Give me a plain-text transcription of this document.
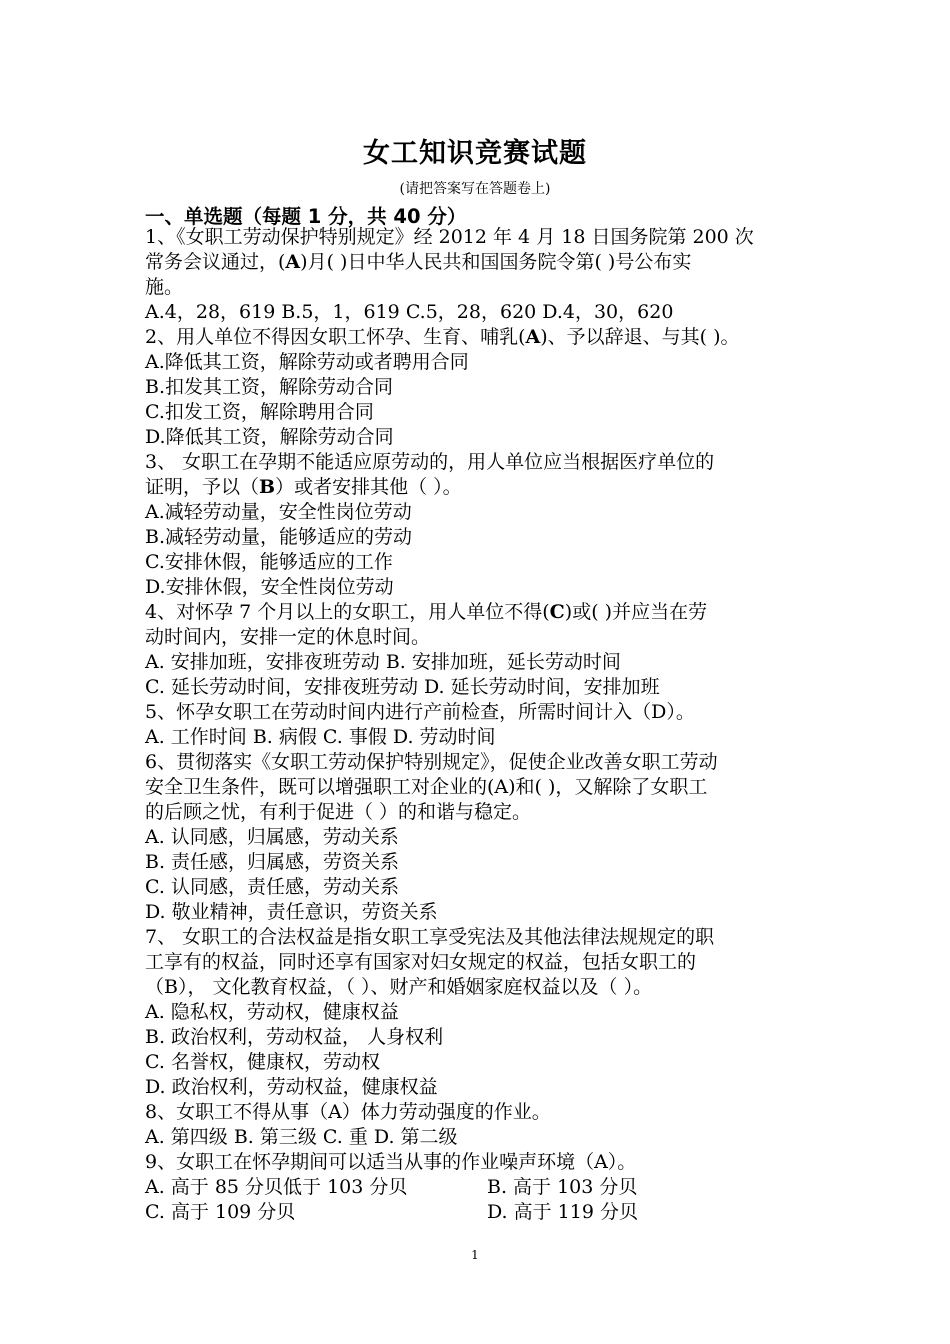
女工知识竞赛试题
(请把答案写在答题卷上)
一、单选题（每题 1 分，共 40 分）
1、《女职工劳动保护特别规定》经 2012 年 4 月 18 日国务院第 200 次
常务会议通过，(A)月( )日中华人民共和国国务院令第( )号公布实
施。
A.4，28，619 B.5，1，619 C.5，28，620 D.4，30，620
2、用人单位不得因女职工怀孕、生育、哺乳(A)、予以辞退、与其( )。
A.降低其工资，解除劳动或者聘用合同
B.扣发其工资，解除劳动合同
C.扣发工资，解除聘用合同
D.降低其工资，解除劳动合同
3、 女职工在孕期不能适应原劳动的，用人单位应当根据医疗单位的
证明，予以（B）或者安排其他（ ）。
A.减轻劳动量，安全性岗位劳动
B.减轻劳动量，能够适应的劳动
C.安排休假，能够适应的工作
D.安排休假，安全性岗位劳动
4、对怀孕 7 个月以上的女职工，用人单位不得(C)或( )并应当在劳
动时间内，安排一定的休息时间。
A. 安排加班，安排夜班劳动 B. 安排加班，延长劳动时间
C. 延长劳动时间，安排夜班劳动 D. 延长劳动时间，安排加班
5、怀孕女职工在劳动时间内进行产前检查，所需时间计入（D）。
A. 工作时间 B. 病假 C. 事假 D. 劳动时间
6、贯彻落实《女职工劳动保护特别规定》，促使企业改善女职工劳动
安全卫生条件，既可以增强职工对企业的(A)和( )，又解除了女职工
的后顾之忧，有利于促进（ ）的和谐与稳定。
A. 认同感，归属感，劳动关系
B. 责任感，归属感，劳资关系
C. 认同感，责任感，劳动关系
D. 敬业精神，责任意识，劳资关系
7、 女职工的合法权益是指女职工享受宪法及其他法律法规规定的职
工享有的权益，同时还享有国家对妇女规定的权益，包括女职工的
（B）， 文化教育权益，（ ）、财产和婚姻家庭权益以及（ ）。
A. 隐私权，劳动权，健康权益
B. 政治权利，劳动权益， 人身权利
C. 名誉权，健康权，劳动权
D. 政治权利，劳动权益，健康权益
8、女职工不得从事（A）体力劳动强度的作业。
A. 第四级 B. 第三级 C. 重 D. 第二级
9、女职工在怀孕期间可以适当从事的作业噪声环境（A）。
A. 高于 85 分贝低于 103 分贝	B. 高于 103 分贝
C. 高于 109 分贝	D. 高于 119 分贝
1
